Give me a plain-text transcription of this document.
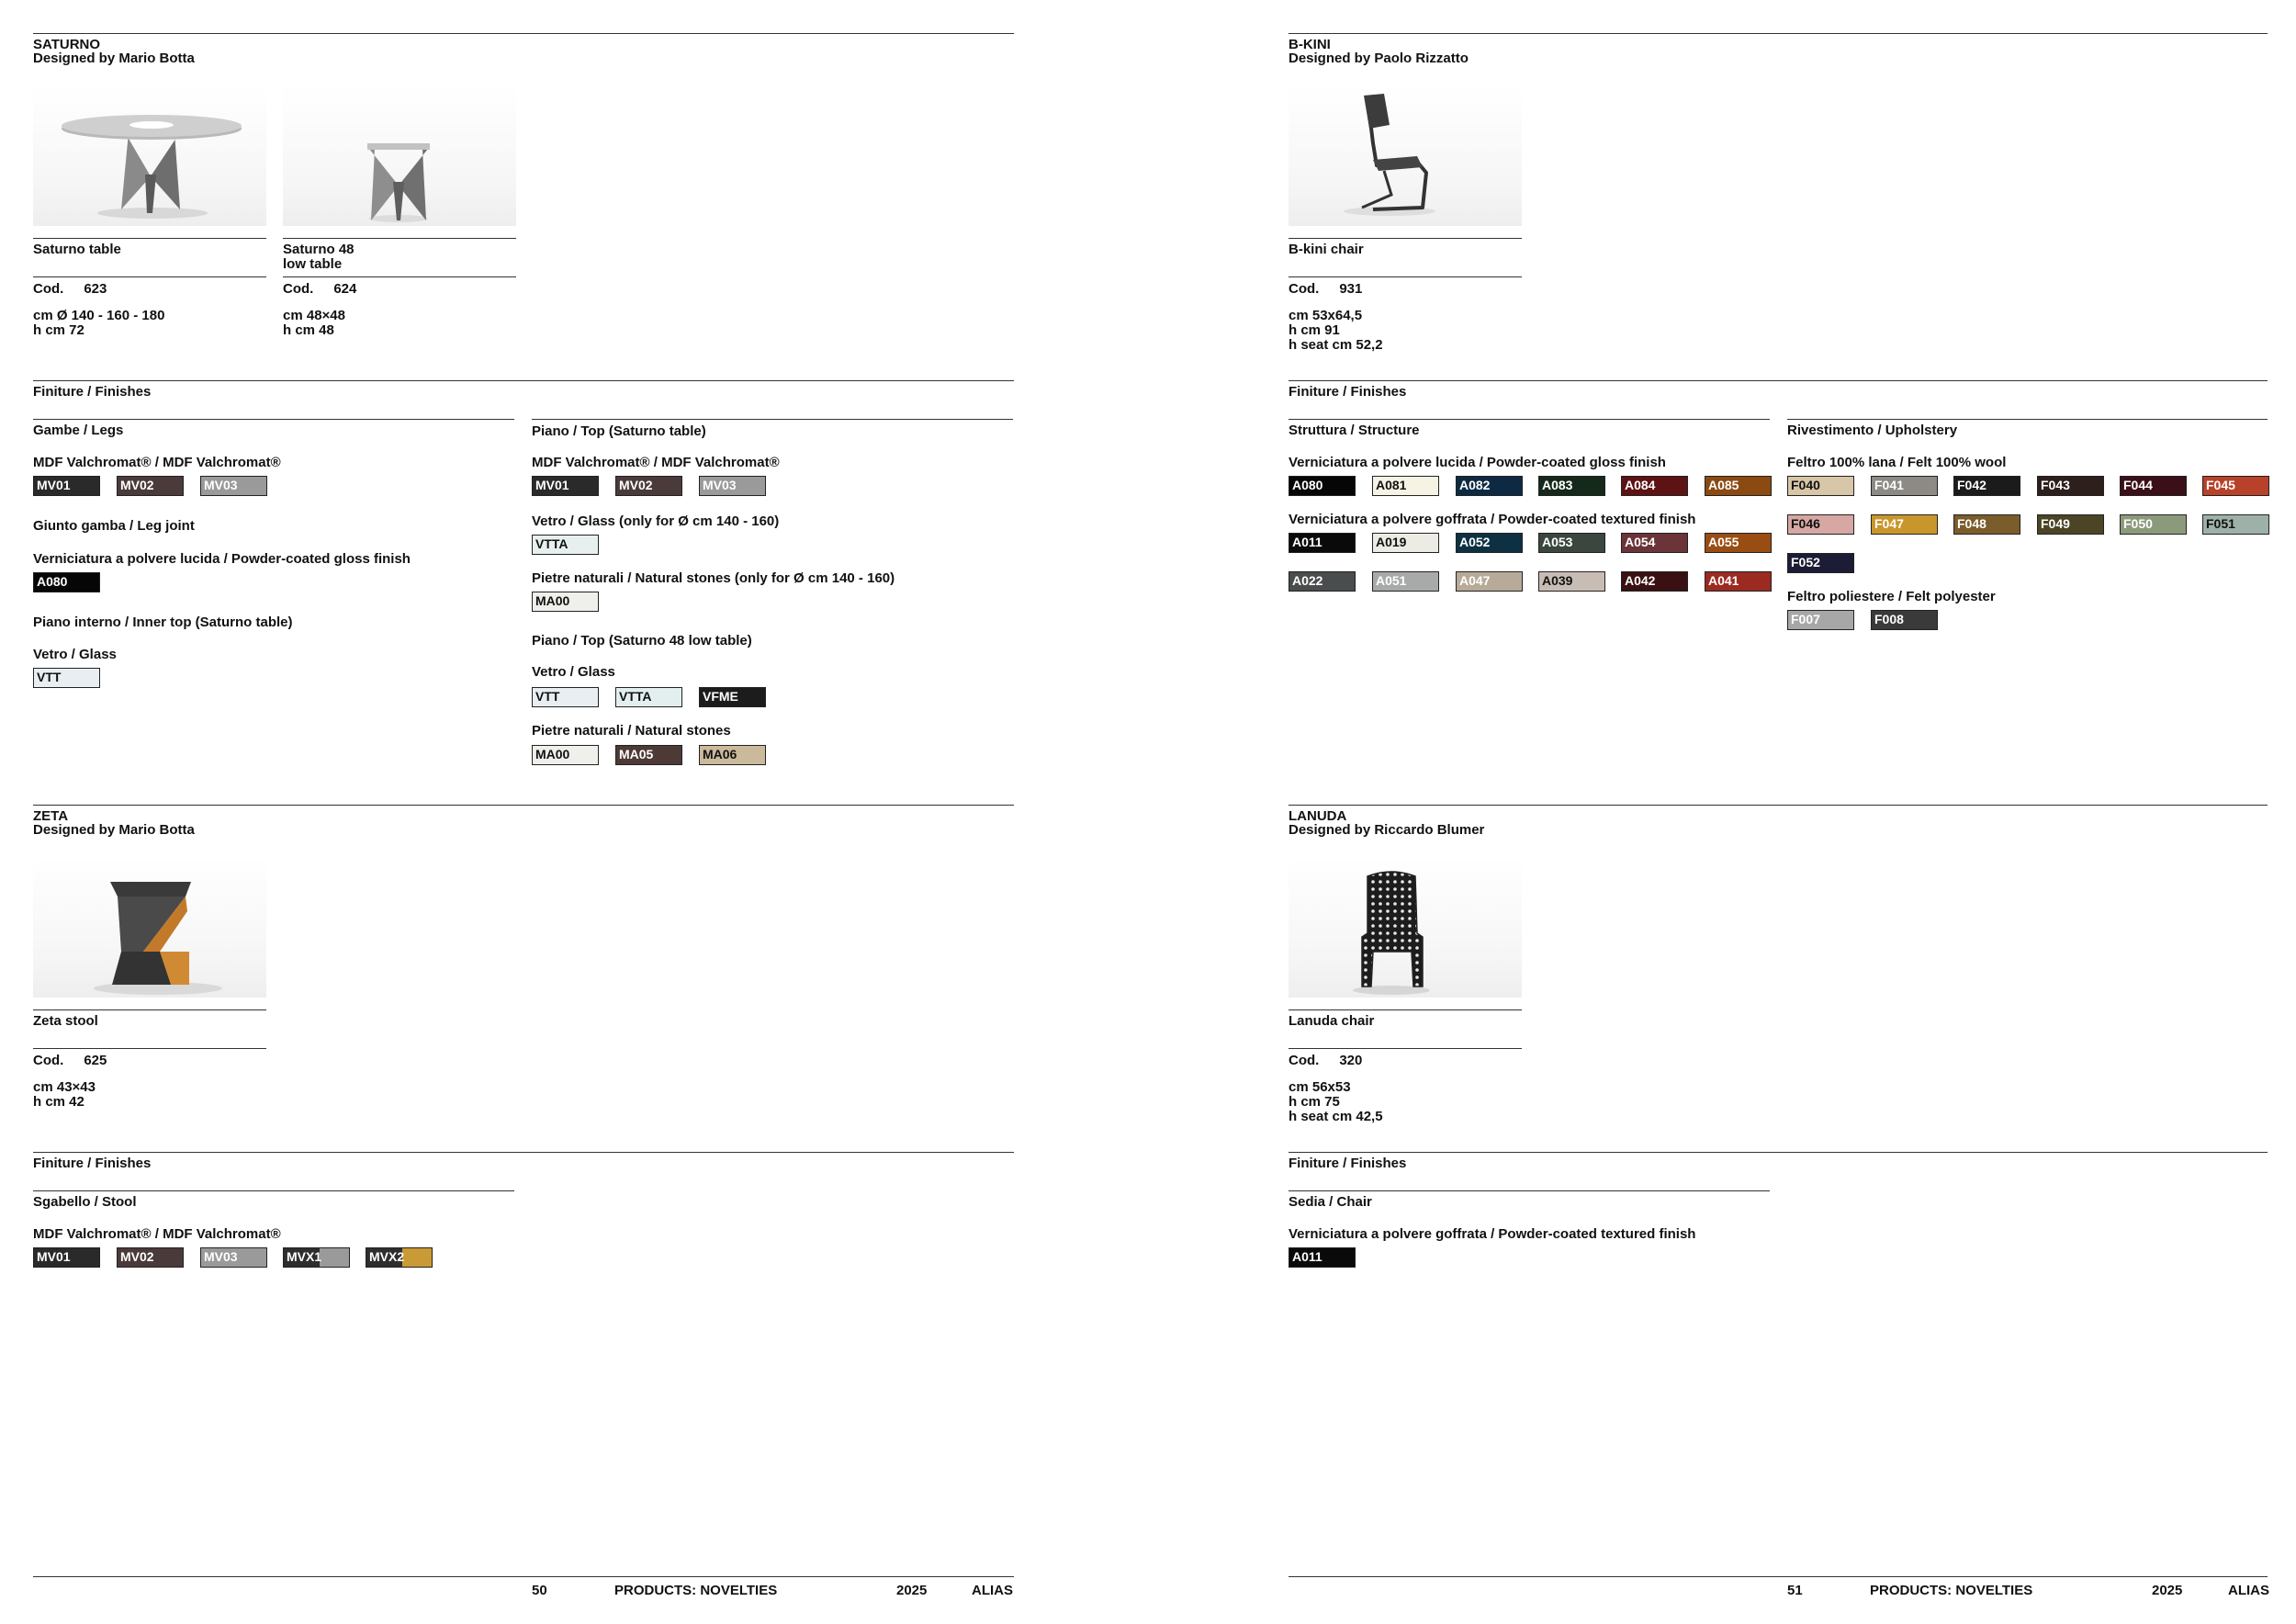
SATURNO
Designed by Mario Botta
Saturno table
Cod. 623
cm Ø 140 - 160 - 180
h cm 72
Saturno 48
low table
Cod. 624
cm 48×48
h cm 48
Finiture / Finishes
Gambe / Legs
MDF Valchromat® / MDF Valchromat®
MV01	MV02	MV03
Giunto gamba / Leg joint
Verniciatura a polvere lucida / Powder-coated gloss finish
A080
Piano interno / Inner top (Saturno table)
Vetro / Glass
VTT
Piano / Top (Saturno table)
MDF Valchromat® / MDF Valchromat®
MV01	MV02	MV03
Vetro / Glass (only for Ø cm 140 - 160)
VTTA
Pietre naturali / Natural stones (only for Ø cm 140 - 160)
MA00
Piano / Top (Saturno 48 low table)
Vetro / Glass
VTT	VTTA	VFME
Pietre naturali / Natural stones
MA00	MA05	MA06
ZETA
Designed by Mario Botta
Zeta stool
Cod. 625
cm 43×43
h cm 42
Finiture / Finishes
Sgabello / Stool
MDF Valchromat® / MDF Valchromat®
MV01	MV02	MV03	MVX1	MVX2
50	PRODUCTS: NOVELTIES	2025	ALIAS
B-KINI
Designed by Paolo Rizzatto
B-kini chair
Cod. 931
cm 53x64,5
h cm 91
h seat cm 52,2
Finiture / Finishes
Struttura / Structure
Verniciatura a polvere lucida / Powder-coated gloss finish
A080	A081	A082	A083	A084	A085
Verniciatura a polvere goffrata / Powder-coated textured finish
A011	A019	A052	A053	A054	A055
A022	A051	A047	A039	A042	A041
Rivestimento / Upholstery
Feltro 100% lana / Felt 100% wool
F040	F041	F042	F043	F044	F045
F046	F047	F048	F049	F050	F051
F052
Feltro poliestere / Felt polyester
F007	F008
LANUDA
Designed by Riccardo Blumer
Lanuda chair
Cod. 320
cm 56x53
h cm 75
h seat cm 42,5
Finiture / Finishes
Sedia / Chair
Verniciatura a polvere goffrata / Powder-coated textured finish
A011
51	PRODUCTS: NOVELTIES	2025	ALIAS
